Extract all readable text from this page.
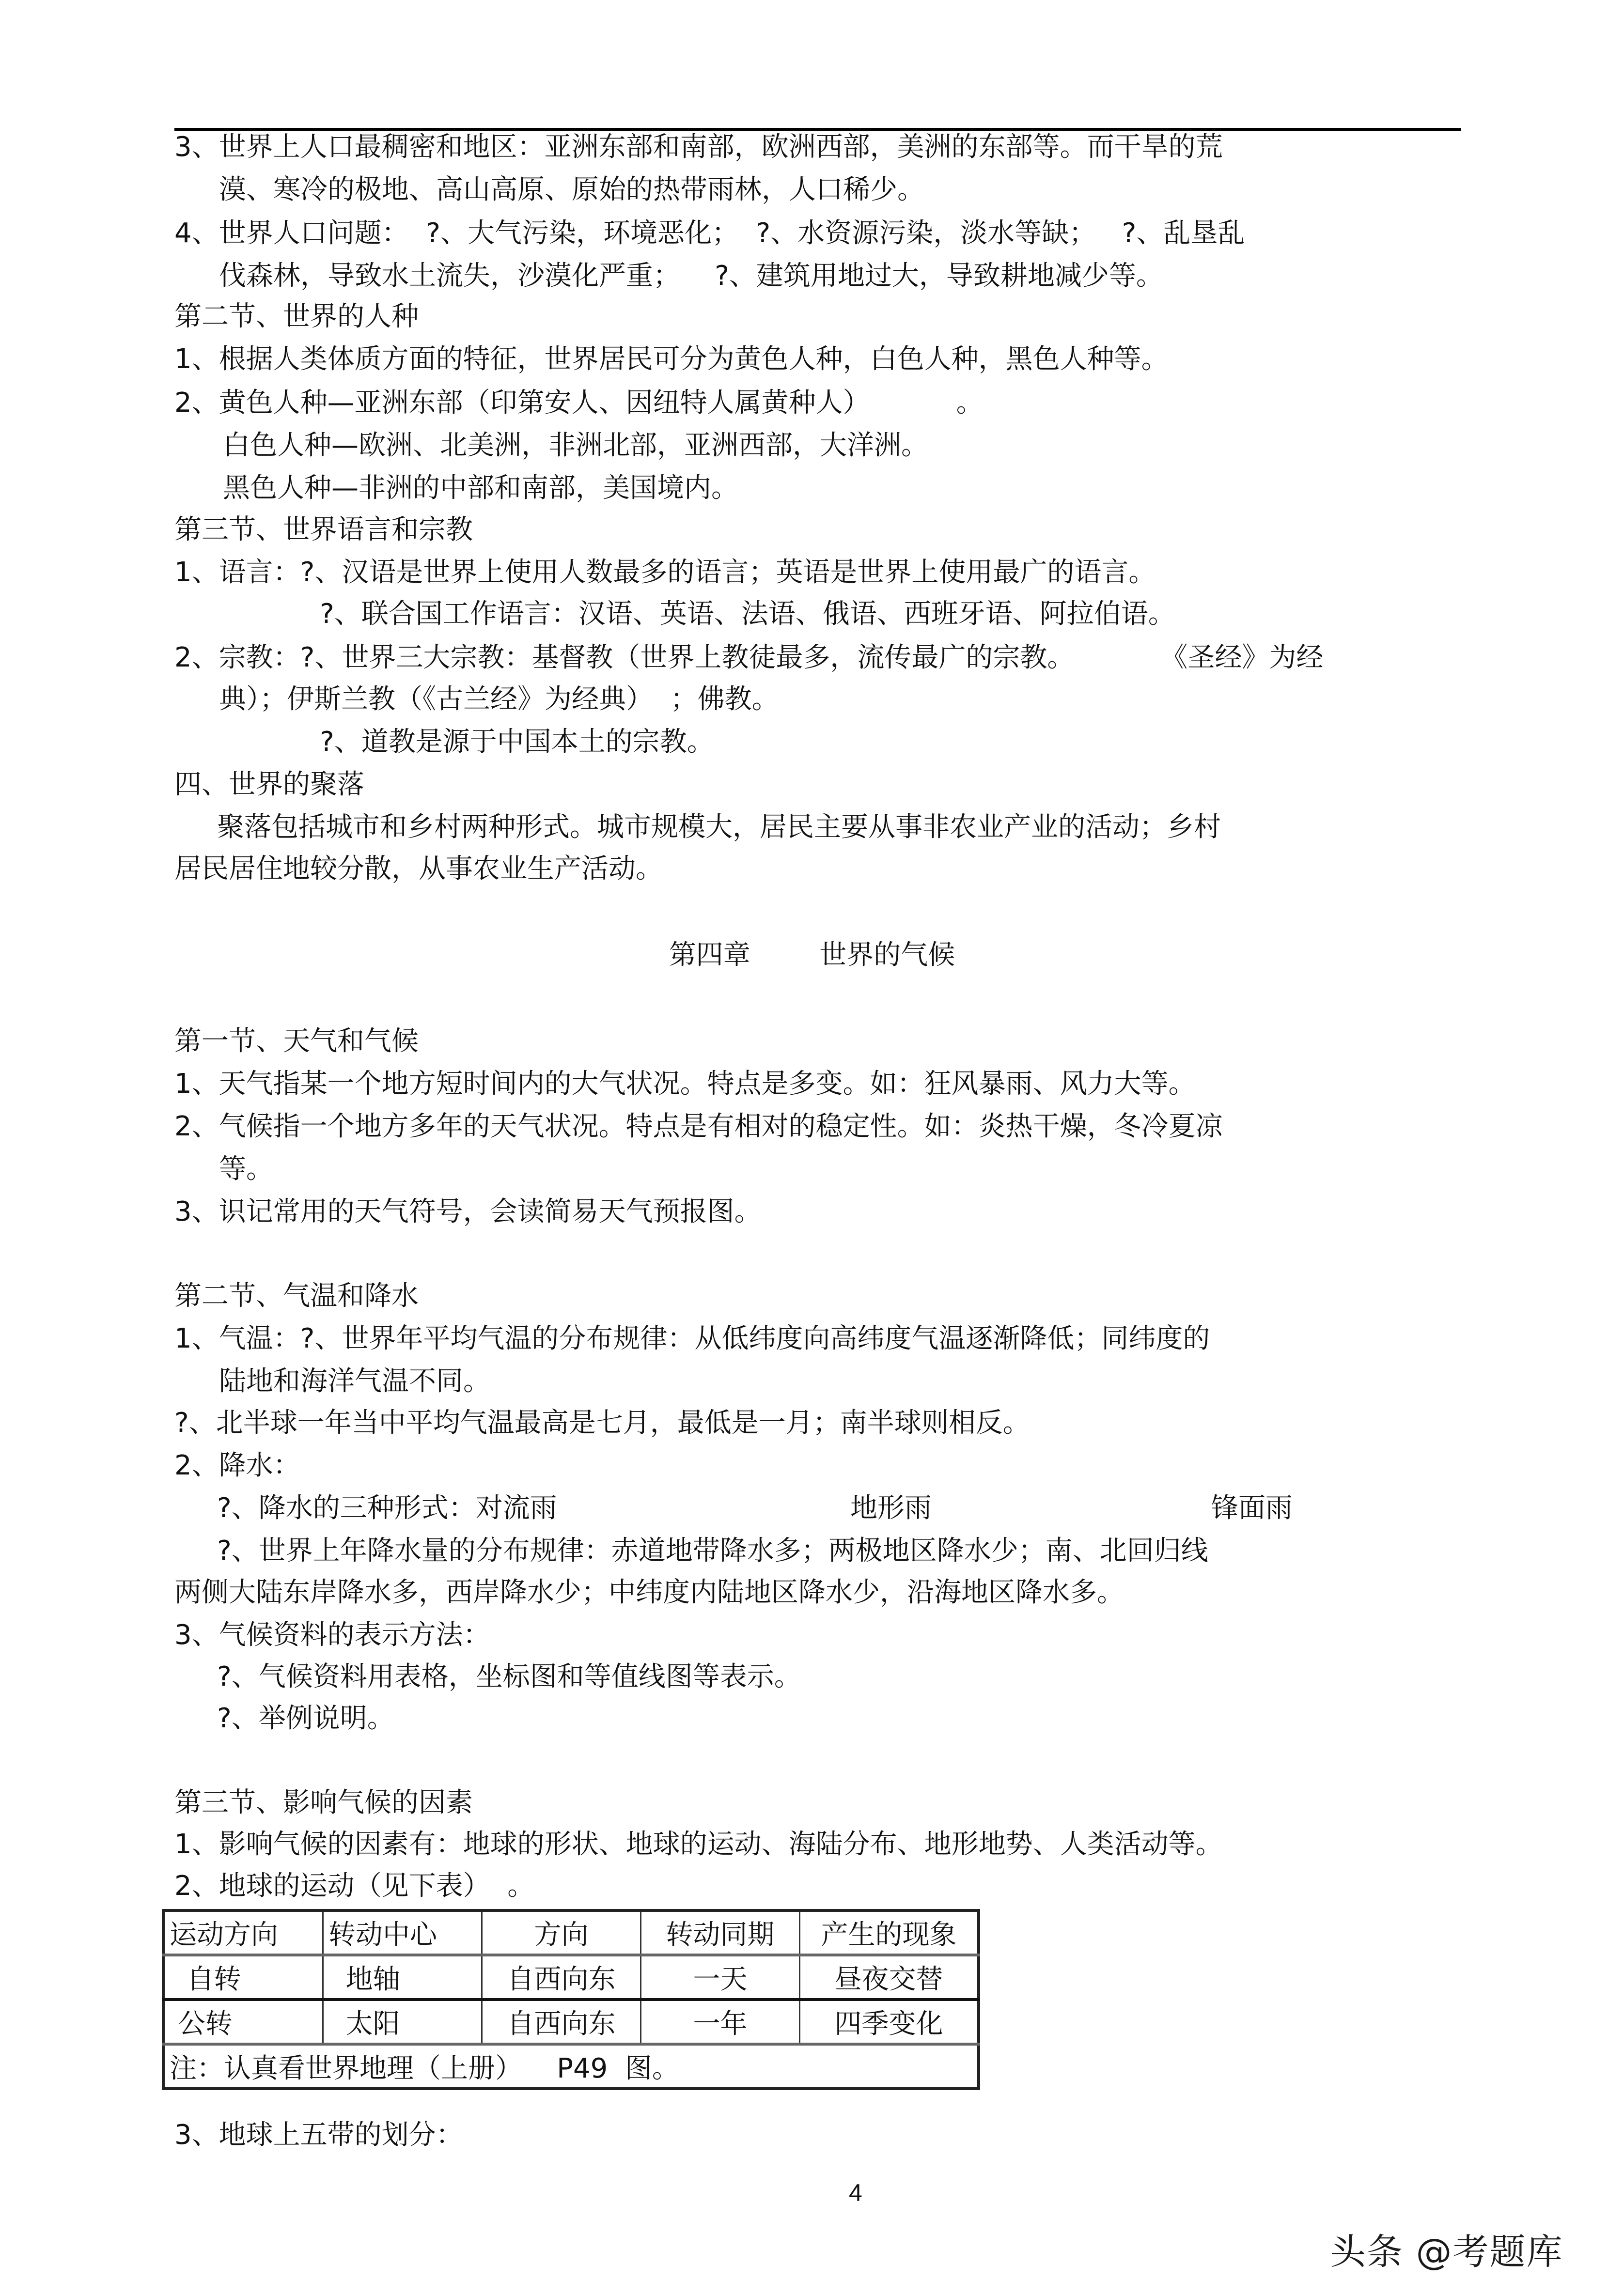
3、世界上人口最稠密和地区：亚洲东部和南部，欧洲西部，美洲的东部等。而干旱的荒
漠、寒冷的极地、高山高原、原始的热带雨林，人口稀少。
4、世界人口问题：  ?、大气污染，环境恶化；  ?、水资源污染，淡水等缺；   ?、乱垦乱
伐森林，导致水土流失，沙漠化严重；    ?、建筑用地过大，导致耕地减少等。
第二节、世界的人种
1、根据人类体质方面的特征，世界居民可分为黄色人种，白色人种，黑色人种等。
2、黄色人种—亚洲东部（印第安人、因纽特人属黄种人）          。
白色人种—欧洲、北美洲，非洲北部，亚洲西部，大洋洲。
黑色人种—非洲的中部和南部，美国境内。
第三节、世界语言和宗教
1、语言：?、汉语是世界上使用人数最多的语言；英语是世界上使用最广的语言。
?、联合国工作语言：汉语、英语、法语、俄语、西班牙语、阿拉伯语。
2、宗教：?、世界三大宗教：基督教（世界上教徒最多，流传最广的宗教。          《圣经》为经
典）；伊斯兰教（《古兰经》为经典）  ；佛教。
?、道教是源于中国本土的宗教。
四、世界的聚落
聚落包括城市和乡村两种形式。城市规模大，居民主要从事非农业产业的活动；乡村
居民居住地较分散，从事农业生产活动。
第四章        世界的气候
第一节、天气和气候
1、天气指某一个地方短时间内的大气状况。特点是多变。如：狂风暴雨、风力大等。
2、气候指一个地方多年的天气状况。特点是有相对的稳定性。如：炎热干燥，冬冷夏凉
等。
3、识记常用的天气符号，会读简易天气预报图。
第二节、气温和降水
1、气温：?、世界年平均气温的分布规律：从低纬度向高纬度气温逐渐降低；同纬度的
陆地和海洋气温不同。
?、北半球一年当中平均气温最高是七月，最低是一月；南半球则相反。
2、降水：
?、降水的三种形式：对流雨	地形雨	锋面雨
?、世界上年降水量的分布规律：赤道地带降水多；两极地区降水少；南、北回归线
两侧大陆东岸降水多，西岸降水少；中纬度内陆地区降水少，沿海地区降水多。
3、气候资料的表示方法：
?、气候资料用表格，坐标图和等值线图等表示。
?、举例说明。
第三节、影响气候的因素
1、影响气候的因素有：地球的形状、地球的运动、海陆分布、地形地势、人类活动等。
2、地球的运动（见下表）  。
运动方向	转动中心	方向	转动同期	产生的现象
自转	地轴	自西向东	一天	昼夜交替
公转	太阳	自西向东	一年	四季变化
注：认真看世界地理（上册）    P49  图。				
3、地球上五带的划分：
4
头条 @考题库
